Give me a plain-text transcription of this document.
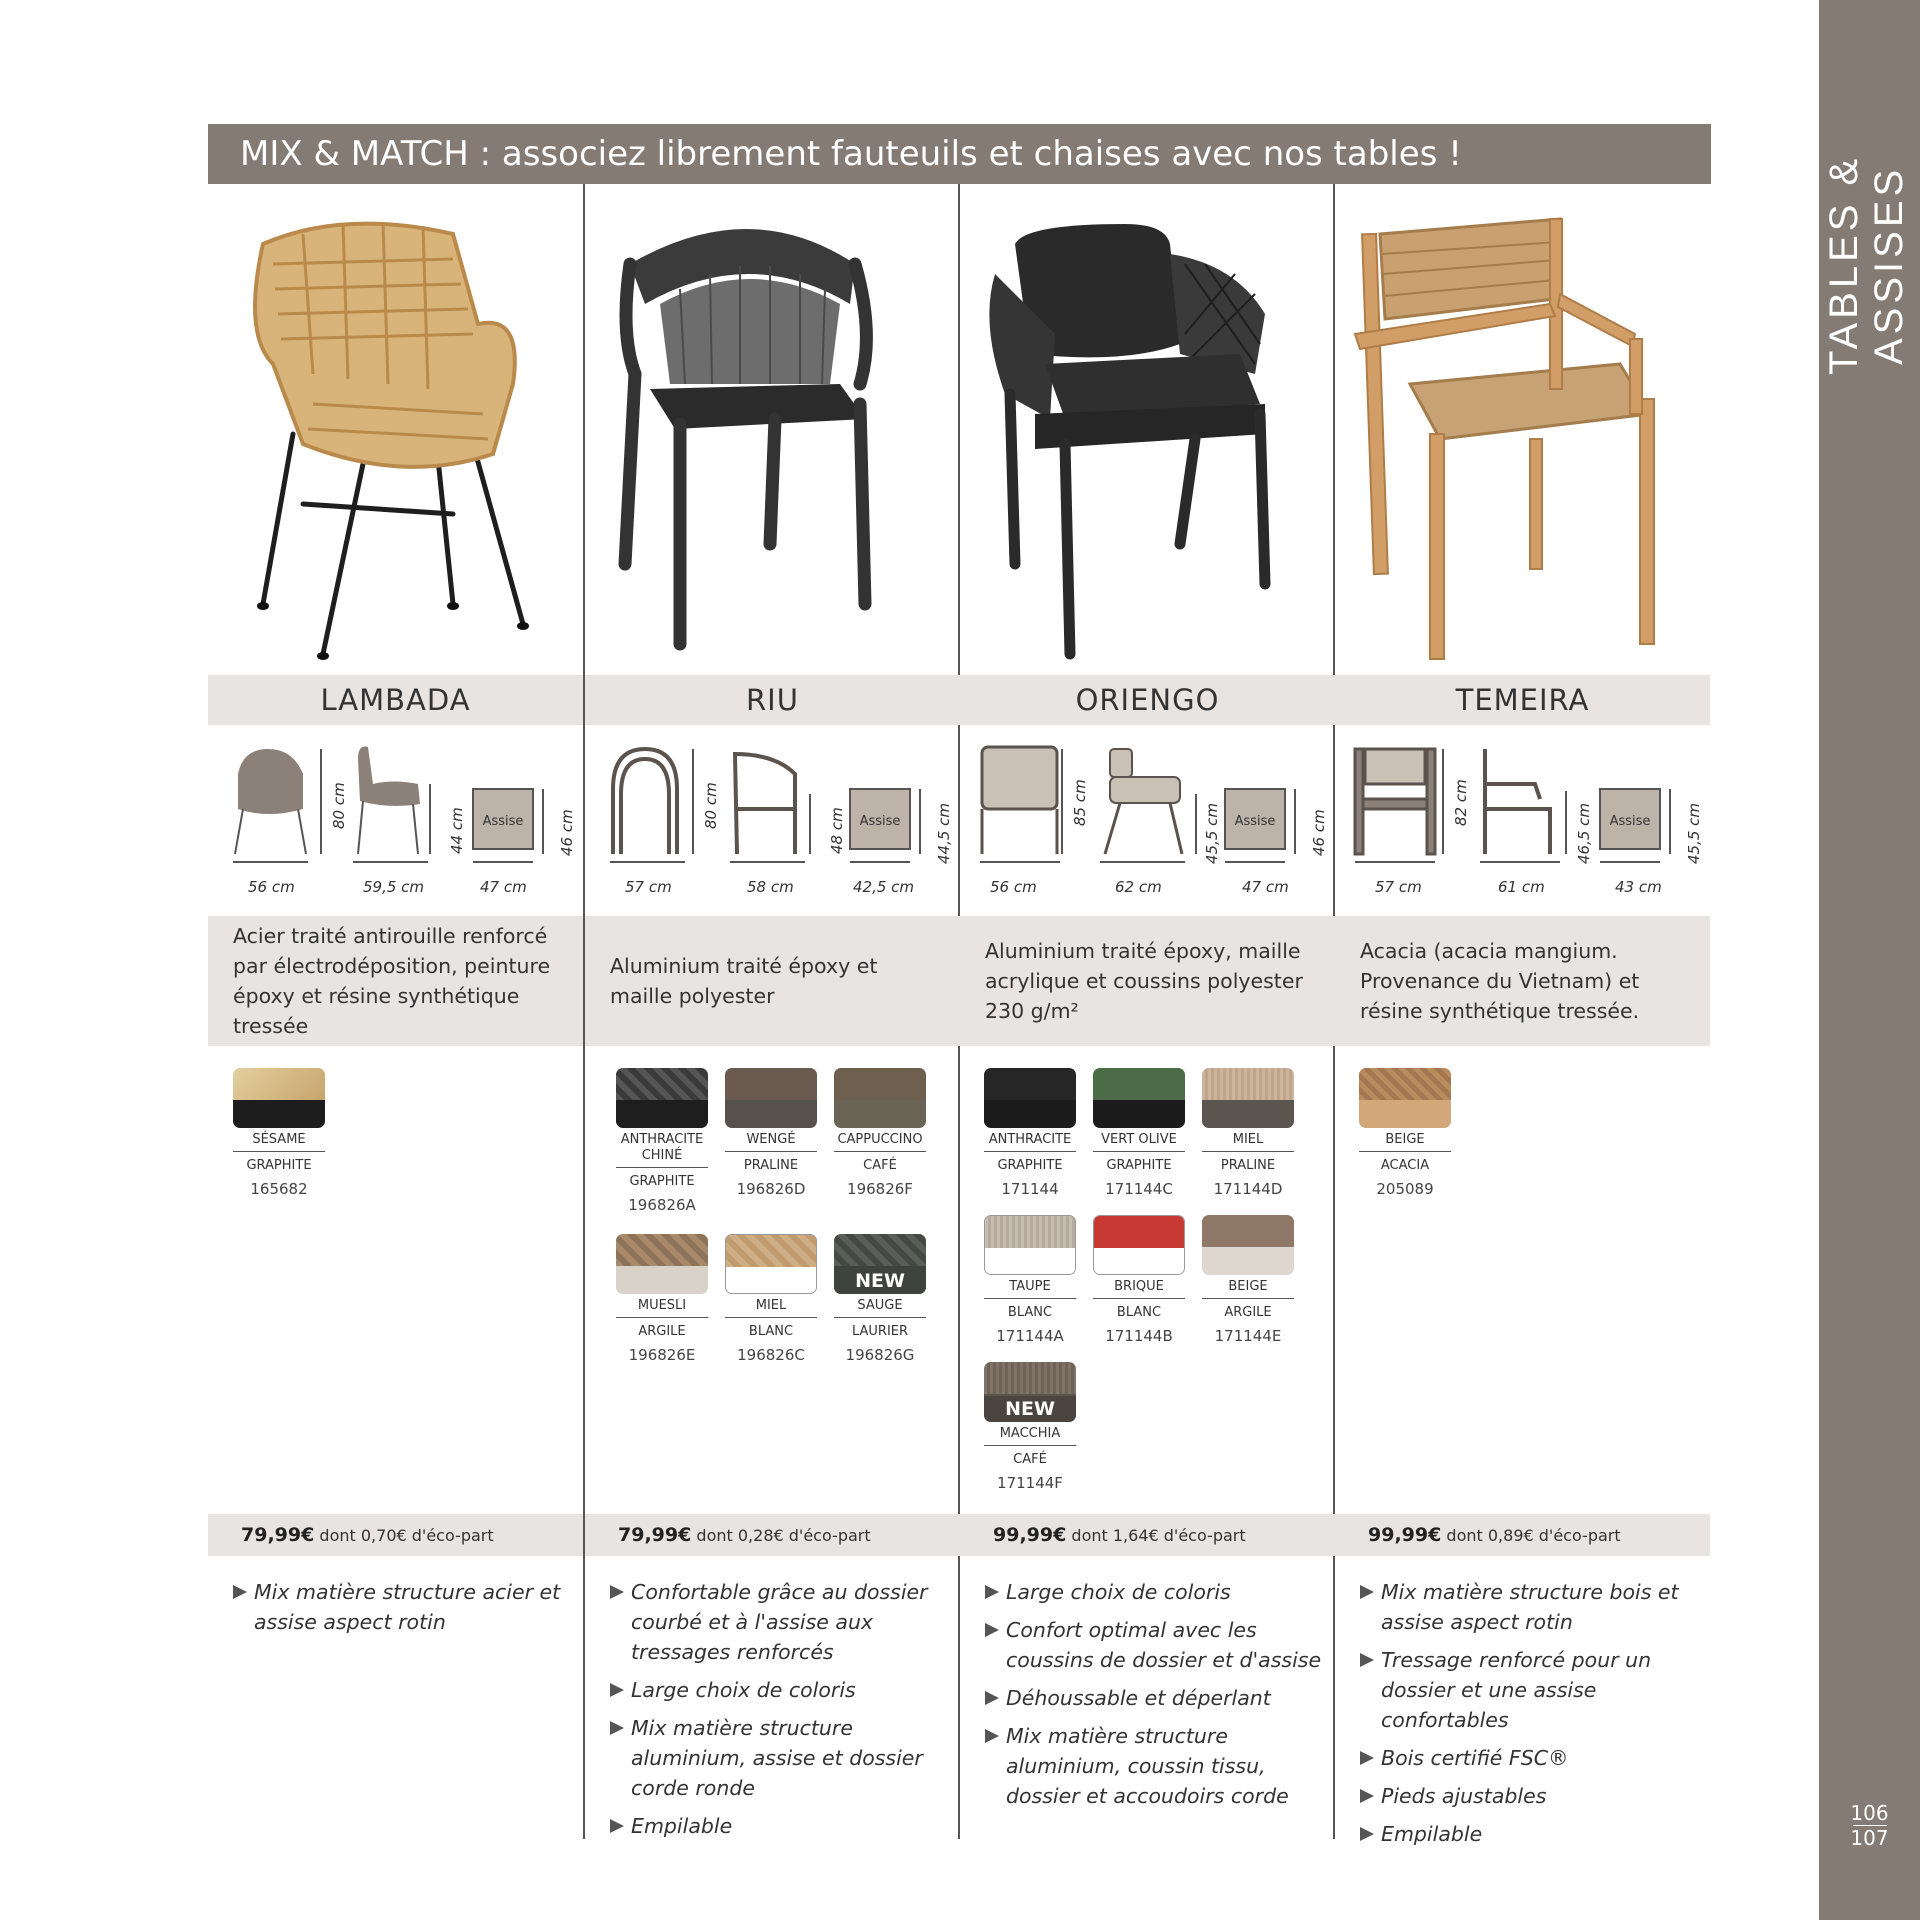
TABLES & ASSISES
106
107
MIX & MATCH : associez librement fauteuils et chaises avec nos tables !
LAMBADA
80 cm
44 cm	46 cm
56 cm	59,5 cm	47 cm
Assise

Acier traité antirouille renforcé par électrodéposition, peinture époxy et résine synthétique tressée

SÉSAME
GRAPHITE
165682
79,99€ dont 0,70€ d'éco-part
Mix matière structure acier et assise aspect rotin
RIU
80 cm
48 cm	44,5 cm
57 cm	58 cm	42,5 cm
Assise

Aluminium traité époxy et maille polyester

ANTHRACITE CHINÉ
GRAPHITE
196826A
WENGÉ
PRALINE
196826D
CAPPUCCINO
CAFÉ
196826F
MUESLI
ARGILE
196826E
MIEL
BLANC
196826C
NEW
SAUGE
LAURIER
196826G
79,99€ dont 0,28€ d'éco-part
Confortable grâce au dossier courbé et à l'assise aux tressages renforcés
Large choix de coloris
Mix matière structure aluminium, assise et dossier corde ronde
Empilable
ORIENGO
85 cm
45,5 cm	46 cm
56 cm	62 cm	47 cm
Assise

Aluminium traité époxy, maille acrylique et coussins polyester 230 g/m²

ANTHRACITE
GRAPHITE
171144
VERT OLIVE
GRAPHITE
171144C
MIEL
PRALINE
171144D
TAUPE
BLANC
171144A
BRIQUE
BLANC
171144B
BEIGE
ARGILE
171144E
NEW
MACCHIA
CAFÉ
171144F
99,99€ dont 1,64€ d'éco-part
Large choix de coloris
Confort optimal avec les coussins de dossier et d'assise
Déhoussable et déperlant
Mix matière structure aluminium, coussin tissu, dossier et accoudoirs corde
TEMEIRA
82 cm
46,5 cm	45,5 cm
57 cm	61 cm	43 cm
Assise

Acacia (acacia mangium. Provenance du Vietnam) et résine synthétique tressée.

BEIGE
ACACIA
205089
99,99€ dont 0,89€ d'éco-part
Mix matière structure bois et assise aspect rotin
Tressage renforcé pour un dossier et une assise confortables
Bois certifié FSC®
Pieds ajustables
Empilable
